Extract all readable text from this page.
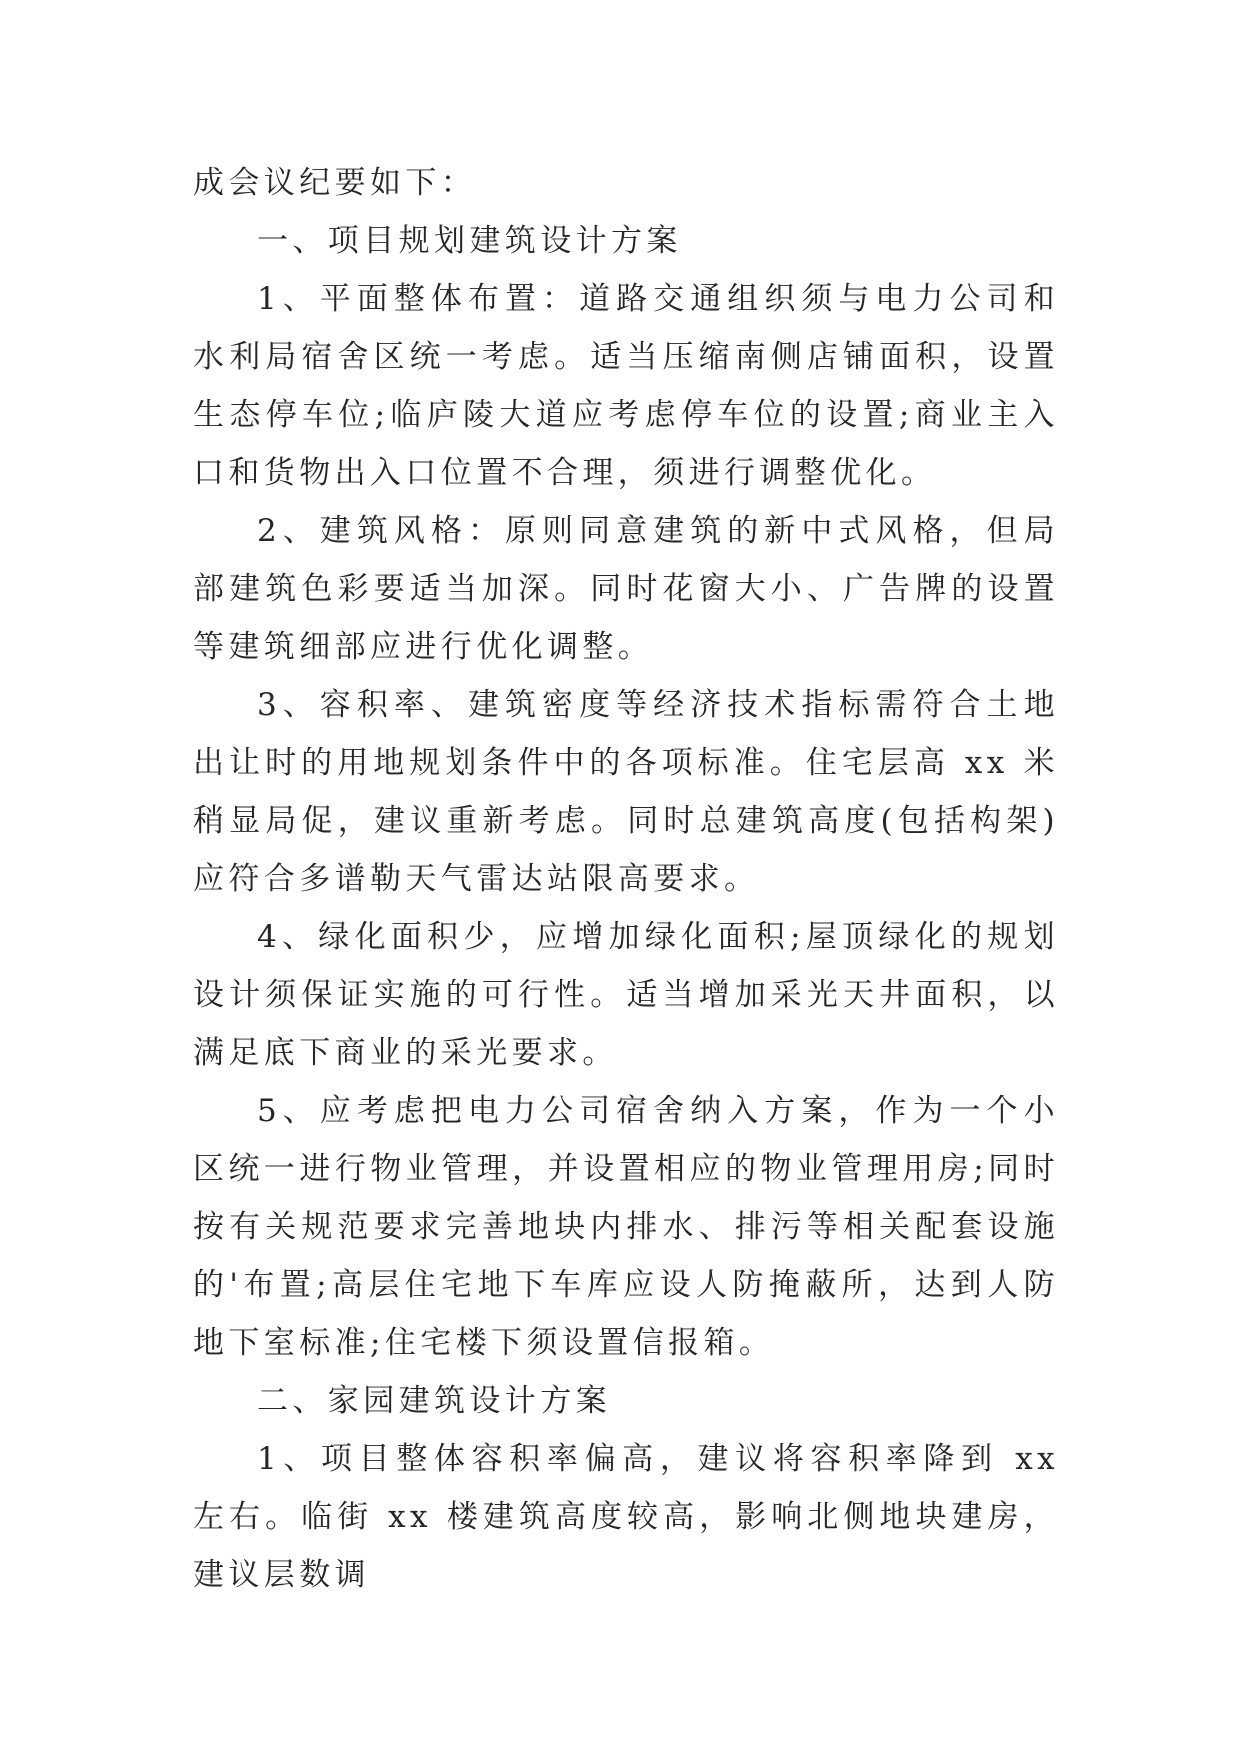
成会议纪要如下：

一、项目规划建筑设计方案

1、平面整体布置：道路交通组织须与电力公司和水利局宿舍区统一考虑。适当压缩南侧店铺面积，设置生态停车位;临庐陵大道应考虑停车位的设置;商业主入口和货物出入口位置不合理，须进行调整优化。

2、建筑风格：原则同意建筑的新中式风格，但局部建筑色彩要适当加深。同时花窗大小、广告牌的设置等建筑细部应进行优化调整。

3、容积率、建筑密度等经济技术指标需符合土地出让时的用地规划条件中的各项标准。住宅层高 xx 米稍显局促，建议重新考虑。同时总建筑高度(包括构架)应符合多谱勒天气雷达站限高要求。

4、绿化面积少，应增加绿化面积;屋顶绿化的规划设计须保证实施的可行性。适当增加采光天井面积，以满足底下商业的采光要求。

5、应考虑把电力公司宿舍纳入方案，作为一个小区统一进行物业管理，并设置相应的物业管理用房;同时按有关规范要求完善地块内排水、排污等相关配套设施的'布置;高层住宅地下车库应设人防掩蔽所，达到人防地下室标准;住宅楼下须设置信报箱。

二、家园建筑设计方案

1、项目整体容积率偏高，建议将容积率降到 xx 左右。临街 xx 楼建筑高度较高，影响北侧地块建房，建议层数调
